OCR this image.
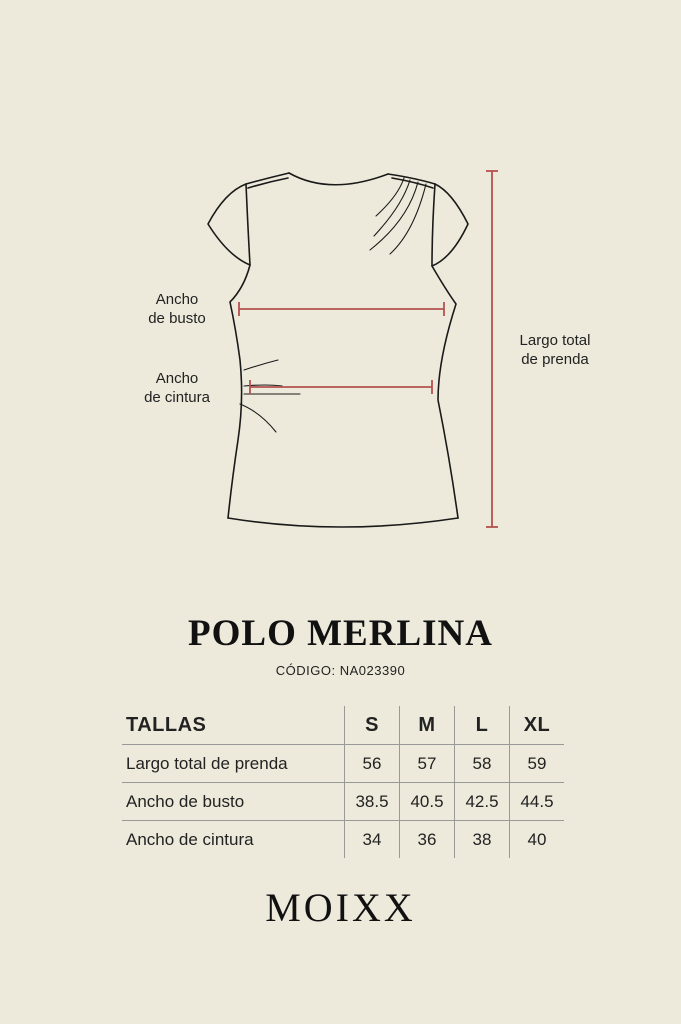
Ancho
de busto
Ancho
de cintura
Largo total
de prenda
POLO MERLINA
CÓDIGO: NA023390
TALLAS	S	M	L	XL
Largo total de prenda	56	57	58	59
Ancho de busto	38.5	40.5	42.5	44.5
Ancho de cintura	34	36	38	40
MOIXX
